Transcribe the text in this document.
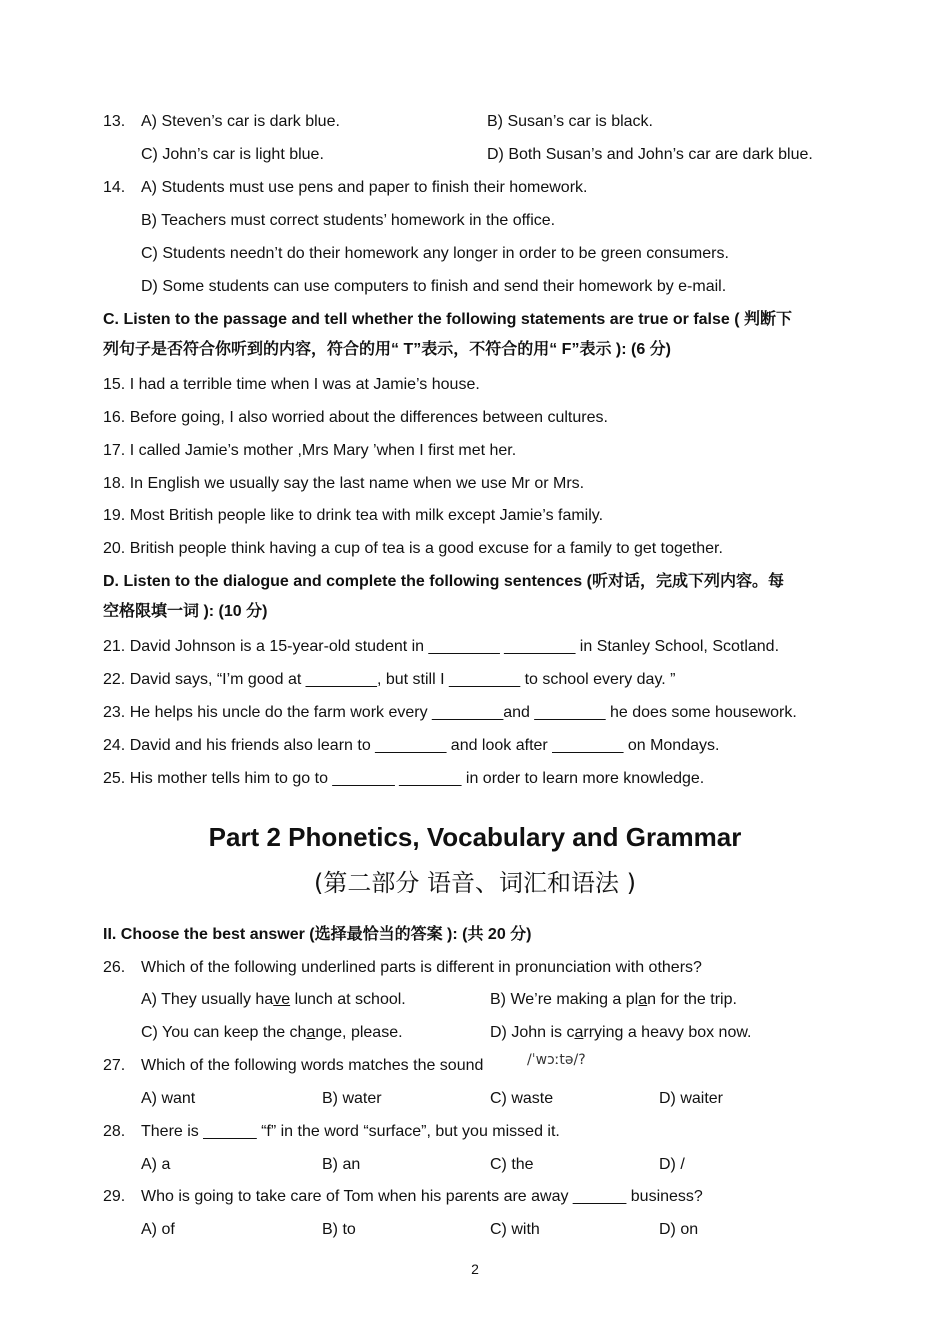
13. A) Steven’s car is dark blue.	B) Susan’s car is black.
C) John’s car is light blue.	D) Both Susan’s and John’s car are dark blue.
14. A) Students must use pens and paper to finish their homework.
B) Teachers must correct students’ homework in the office.
C) Students needn’t do their homework any longer in order to be green consumers.
D) Some students can use computers to finish and send their homework by e-mail.
C. Listen to the passage and tell whether the following statements are true or false ( 判断下
列句子是否符合你听到的内容，符合的用“ T”表示，不符合的用“ F”表示 ): (6 分)
15. I had a terrible time when I was at Jamie’s house.
16. Before going, I also worried about the differences between cultures.
17. I called Jamie’s mother ,Mrs Mary ’when I first met her.
18. In English we usually say the last name when we use Mr or Mrs.
19. Most British people like to drink tea with milk except Jamie’s family.
20. British people think having a cup of tea is a good excuse for a family to get together.
D. Listen to the dialogue and complete the following sentences (听对话，完成下列内容。每
空格限填一词 ): (10 分)
21. David Johnson is a 15-year-old student in ________ ________ in Stanley School, Scotland.
22. David says, “I’m good at ________, but still I ________ to school every day. ”
23. He helps his uncle do the farm work every ________and ________ he does some housework.
24. David and his friends also learn to ________ and look after ________ on Mondays.
25. His mother tells him to go to _______ _______ in order to learn more knowledge.
Part 2 Phonetics, Vocabulary and Grammar
(第二部分 语音、词汇和语法 )
II. Choose the best answer (选择最恰当的答案 ): (共 20 分)
26. Which of the following underlined parts is different in pronunciation with others?
A) They usually have lunch at school.	B) We’re making a plan for the trip.
C) You can keep the change, please.	D) John is carrying a heavy box now.
27. Which of the following words matches the sound	/ˈwɔːtə/?
A) want	B) water	C) waste	D) waiter
28. There is ______ “f” in the word “surface”, but you missed it.
A) a	B) an	C) the	D) /
29. Who is going to take care of Tom when his parents are away ______ business?
A) of	B) to	C) with	D) on
2
